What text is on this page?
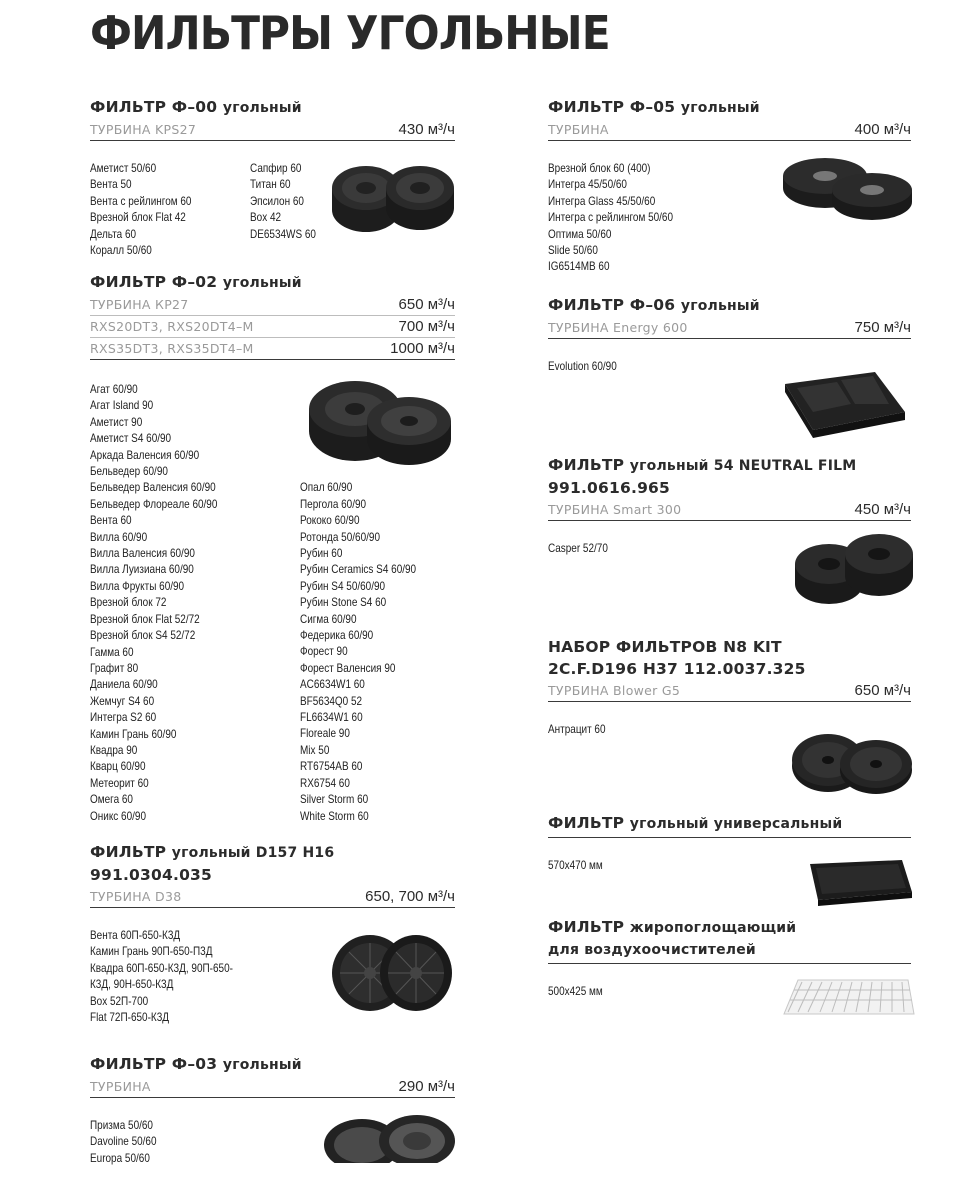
ФИЛЬТРЫ УГОЛЬНЫЕ
ФИЛЬТР Ф–00 угольный
ТУРБИНА KPS27	430 м³/ч
Аметист 50/60
Вента 50
Вента с рейлингом 60
Врезной блок Flat 42
Дельта 60
Коралл 50/60
Сапфир 60
Титан 60
Эпсилон 60
Box 42
DE6534WS 60
ФИЛЬТР Ф–02 угольный
ТУРБИНА КР27	650 м³/ч
RXS20DT3, RXS20DT4–M	700 м³/ч
RXS35DT3, RXS35DT4–M	1000 м³/ч
Агат 60/90
Агат Island 90
Аметист 90
Аметист S4 60/90
Аркада Валенсия 60/90
Бельведер 60/90
Бельведер Валенсия 60/90
Бельведер Флореале 60/90
Вента 60
Вилла 60/90
Вилла Валенсия 60/90
Вилла Луизиана 60/90
Вилла Фрукты 60/90
Врезной блок 72
Врезной блок Flat 52/72
Врезной блок S4 52/72
Гамма 60
Графит 80
Даниела 60/90
Жемчуг S4 60
Интегра S2 60
Камин Грань 60/90
Квадра 90
Кварц 60/90
Метеорит 60
Омега 60
Оникс 60/90
Опал 60/90
Пергола 60/90
Рококо 60/90
Ротонда 50/60/90
Рубин 60
Рубин Ceramics S4 60/90
Рубин S4 50/60/90
Рубин Stone S4 60
Сигма 60/90
Федерика 60/90
Форест 90
Форест Валенсия 90
AC6634W1 60
BF5634Q0 52
FL6634W1 60
Floreale 90
Mix 50
RT6754AB 60
RX6754 60
Silver Storm 60
White Storm 60
ФИЛЬТР угольный D157 H16
991.0304.035
ТУРБИНА D38	650, 700 м³/ч
Вента 60П-650-К3Д
Камин Грань 90П-650-П3Д
Квадра 60П-650-К3Д, 90П-650-
К3Д, 90Н-650-К3Д
Box 52П-700
Flat 72П-650-К3Д
ФИЛЬТР Ф–03 угольный
ТУРБИНА	290 м³/ч
Призма 50/60
Davoline 50/60
Europa 50/60
ФИЛЬТР Ф–05 угольный
ТУРБИНА	400 м³/ч
Врезной блок 60 (400)
Интегра 45/50/60
Интегра Glass 45/50/60
Интегра с рейлингом 50/60
Оптима 50/60
Slide 50/60
IG6514MB 60
ФИЛЬТР Ф–06 угольный
ТУРБИНА Energy 600	750 м³/ч
Evolution 60/90
ФИЛЬТР угольный 54 NEUTRAL FILM
991.0616.965
ТУРБИНА Smart 300	450 м³/ч
Casper 52/70
НАБОР ФИЛЬТРОВ N8 KIT
2C.F.D196 H37 112.0037.325
ТУРБИНА Blower G5	650 м³/ч
Антрацит 60
ФИЛЬТР угольный универсальный
570x470 мм
ФИЛЬТР жиропоглощающий
для воздухоочистителей
500x425 мм
